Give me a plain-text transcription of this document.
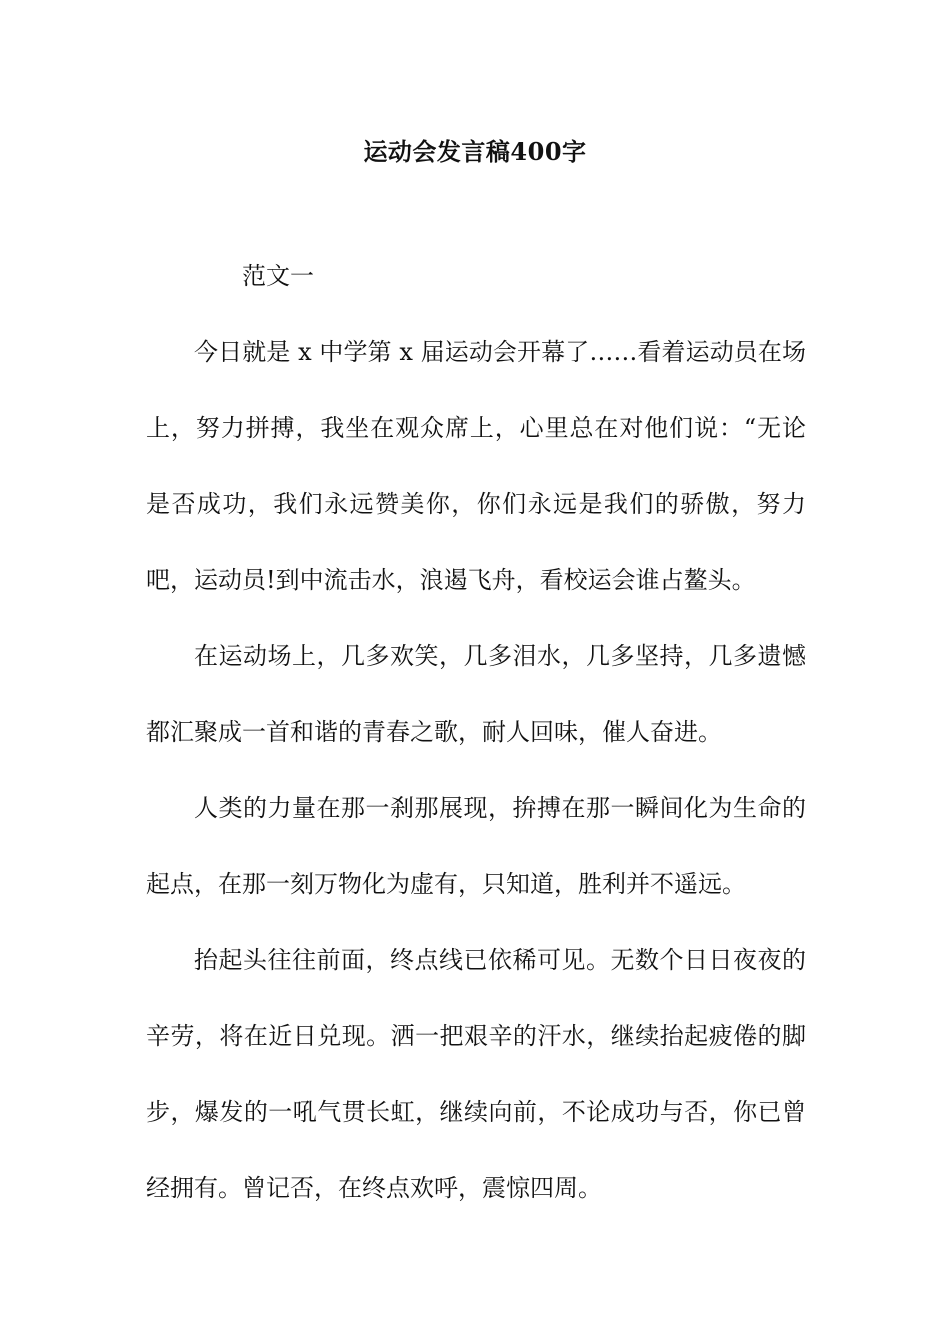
运动会发言稿400字
范文一

今日就是 x 中学第 x 届运动会开幕了……看着运动员在场上，努力拼搏，我坐在观众席上，心里总在对他们说：“无论是否成功，我们永远赞美你，你们永远是我们的骄傲，努力吧，运动员!到中流击水，浪遏飞舟，看校运会谁占鳌头。

在运动场上，几多欢笑，几多泪水，几多坚持，几多遗憾都汇聚成一首和谐的青春之歌，耐人回味，催人奋进。

人类的力量在那一刹那展现，拚搏在那一瞬间化为生命的起点，在那一刻万物化为虚有，只知道，胜利并不遥远。

抬起头往往前面，终点线已依稀可见。无数个日日夜夜的辛劳，将在近日兑现。洒一把艰辛的汗水，继续抬起疲倦的脚步，爆发的一吼气贯长虹，继续向前，不论成功与否，你已曾经拥有。曾记否，在终点欢呼，震惊四周。
